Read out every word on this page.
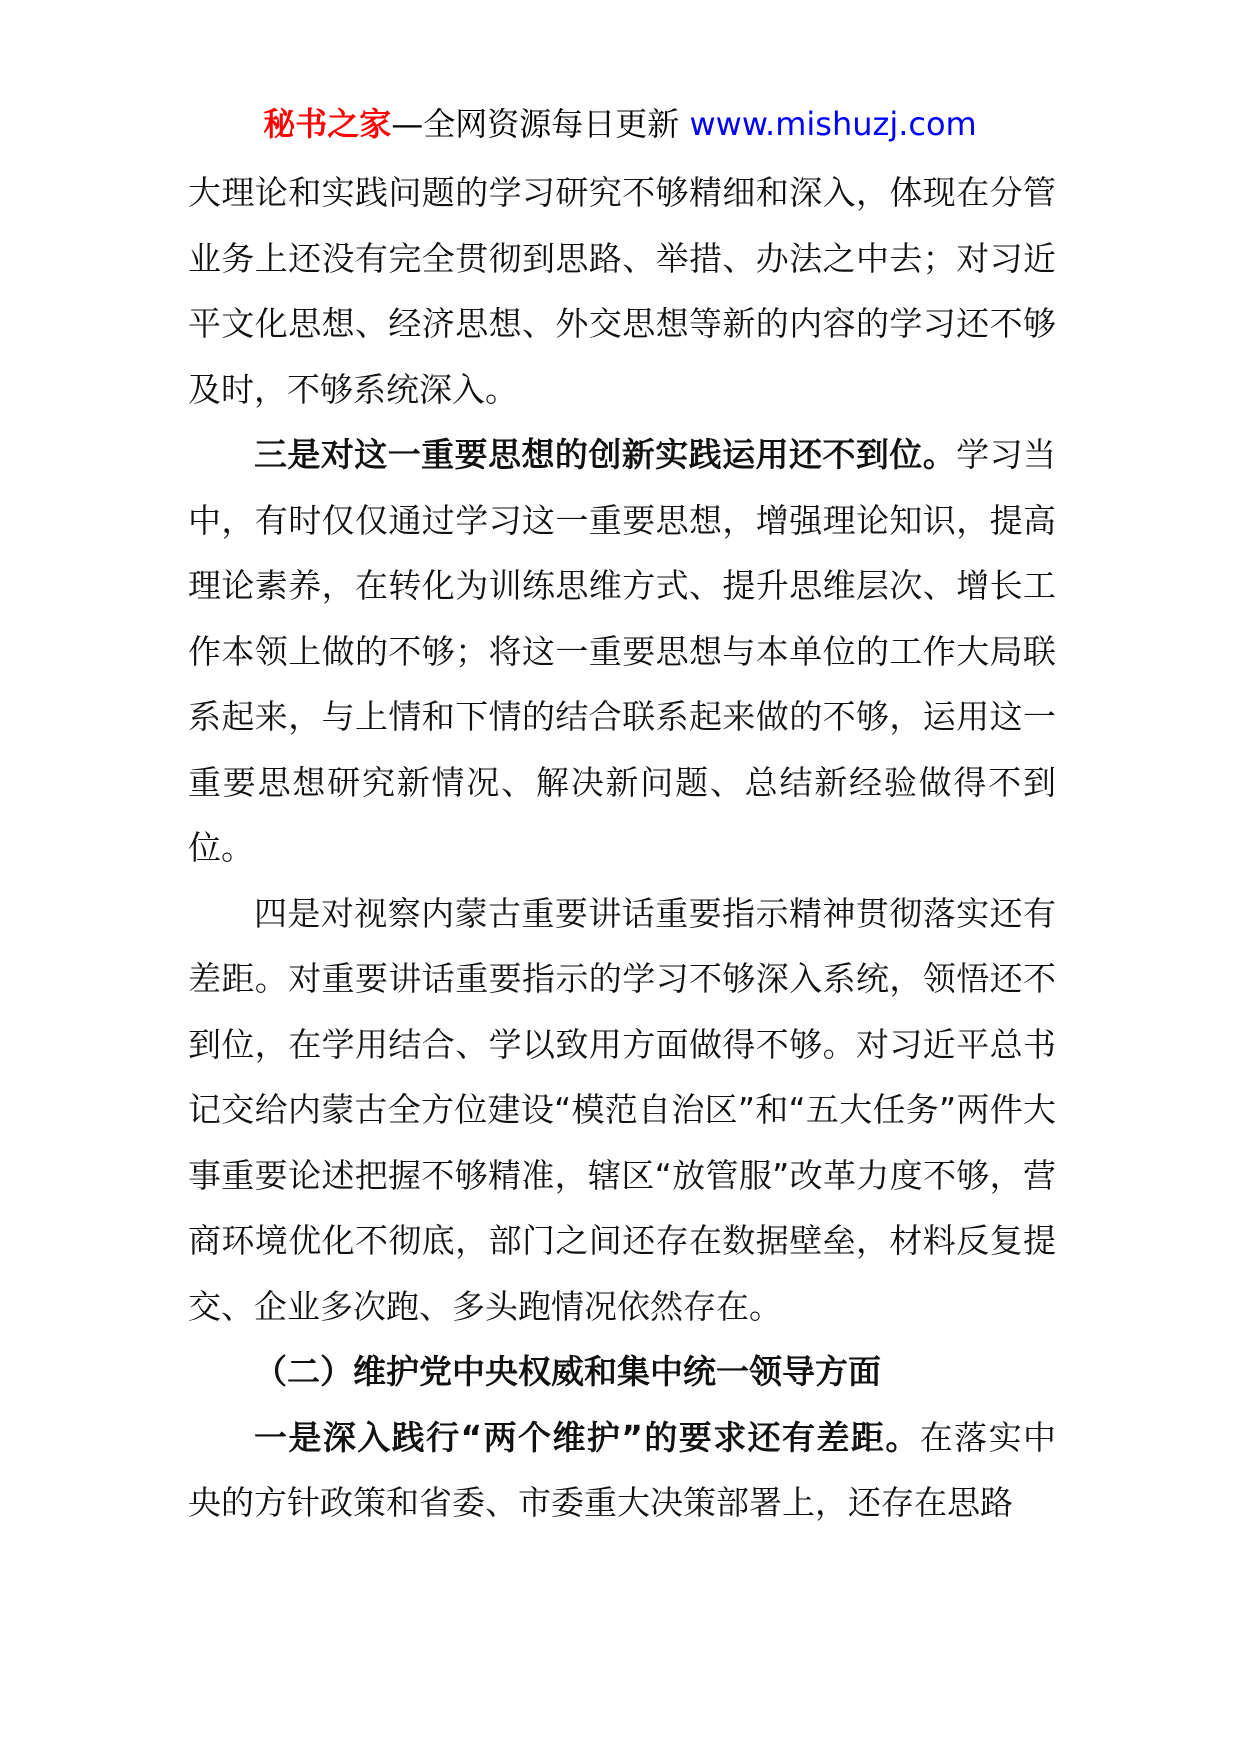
秘书之家—全网资源每日更新 www.mishuzj.com

大理论和实践问题的学习研究不够精细和深入，体现在分管业务上还没有完全贯彻到思路、举措、办法之中去；对习近平文化思想、经济思想、外交思想等新的内容的学习还不够及时，不够系统深入。

三是对这一重要思想的创新实践运用还不到位。学习当中，有时仅仅通过学习这一重要思想，增强理论知识，提高理论素养，在转化为训练思维方式、提升思维层次、增长工作本领上做的不够；将这一重要思想与本单位的工作大局联系起来，与上情和下情的结合联系起来做的不够，运用这一重要思想研究新情况、解决新问题、总结新经验做得不到位。

四是对视察内蒙古重要讲话重要指示精神贯彻落实还有差距。对重要讲话重要指示的学习不够深入系统，领悟还不到位，在学用结合、学以致用方面做得不够。对习近平总书记交给内蒙古全方位建设“模范自治区”和“五大任务”两件大事重要论述把握不够精准，辖区“放管服”改革力度不够，营商环境优化不彻底，部门之间还存在数据壁垒，材料反复提交、企业多次跑、多头跑情况依然存在。

（二）维护党中央权威和集中统一领导方面

一是深入践行“两个维护”的要求还有差距。在落实中央的方针政策和省委、市委重大决策部署上，还存在思路
